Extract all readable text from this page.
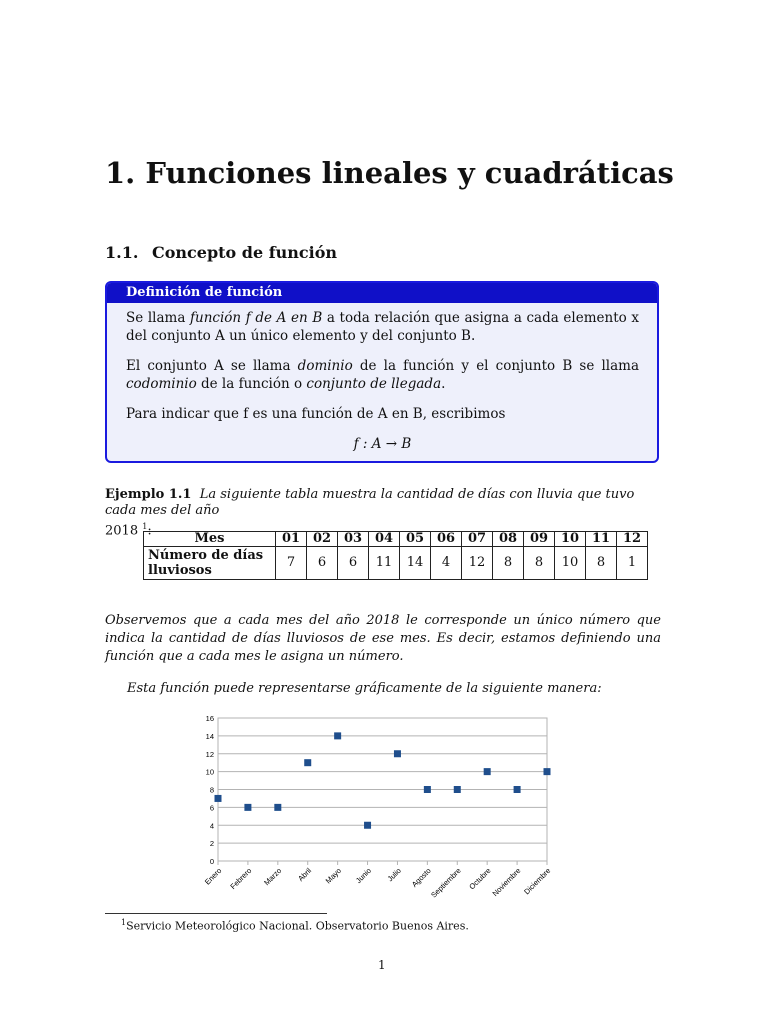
1. Funciones lineales y cuadráticas
1.1. Concepto de función
Definición de función

Se llama función f de A en B a toda relación que asigna a cada elemento x del conjunto A un único elemento y del conjunto B.

El conjunto A se llama dominio de la función y el conjunto B se llama codominio de la función o conjunto de llegada.

Para indicar que f es una función de A en B, escribimos

f : A → B

Ejemplo 1.1 La siguiente tabla muestra la cantidad de días con lluvia que tuvo cada mes del año
2018 $^1$:
Mes	01	02	03	04	05	06	07	08	09	10	11	12
Número de días
lluviosos	7	6	6	11	14	4	12	8	8	10	8	1
Observemos que a cada mes del año 2018 le corresponde un único número que indica la cantidad de días lluviosos de ese mes. Es decir, estamos definiendo una función que a cada mes le asigna un número.
Esta función puede representarse gráficamente de la siguiente manera:
0
2
4
6
8
10
12
14
16
Enero Febrero Marzo Abril Mayo Junio Julio Agosto
Septiembre Octubre
Noviembre Diciembre
$^1$Servicio Meteorológico Nacional. Observatorio Buenos Aires.
1
